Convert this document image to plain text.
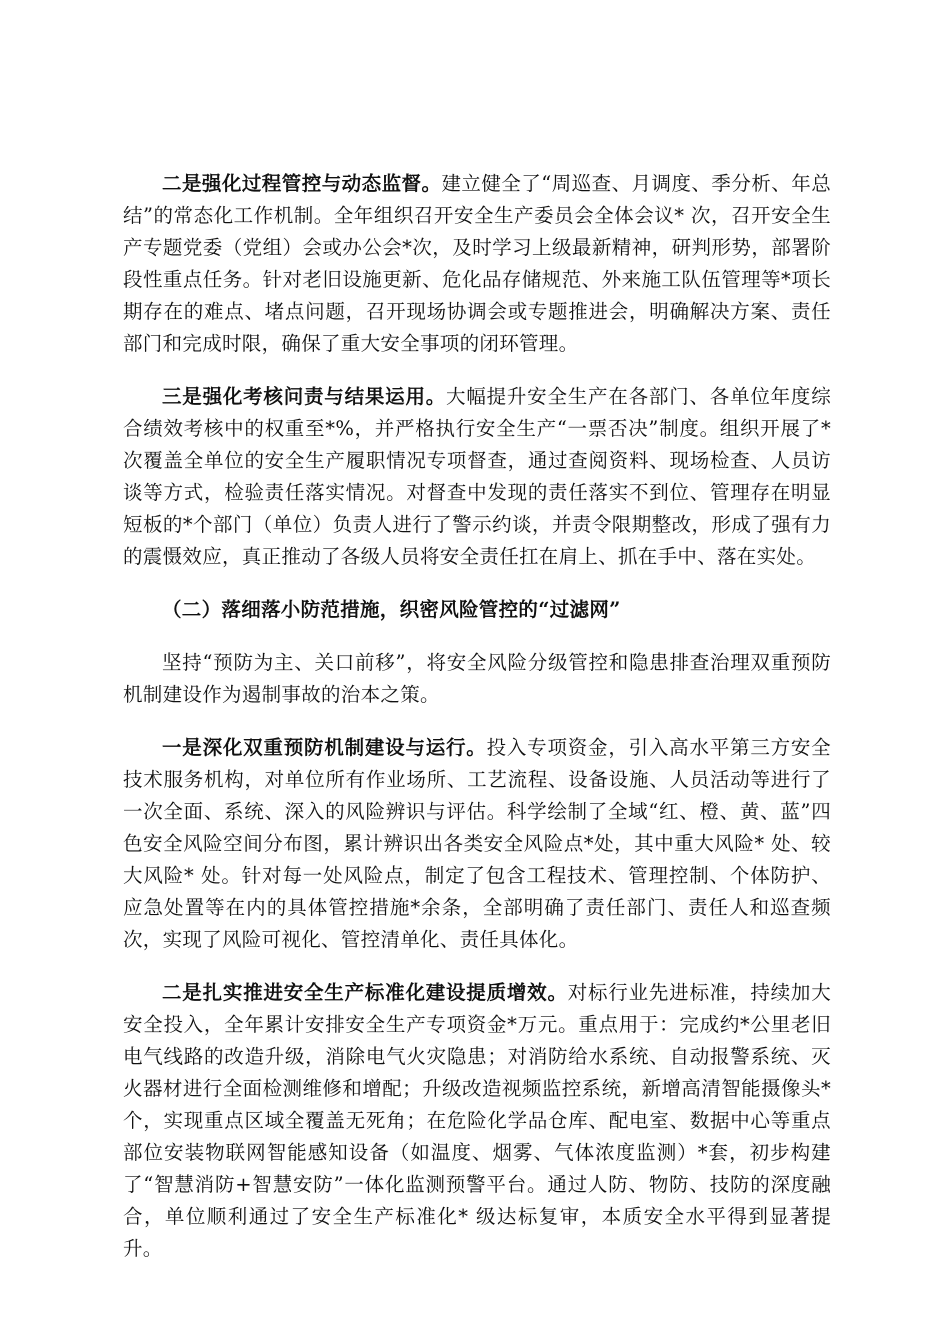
二是强化过程管控与动态监督。建立健全了“周巡查、月调度、季分析、年总结”的常态化工作机制。全年组织召开安全生产委员会全体会议* 次，召开安全生产专题党委（党组）会或办公会*次，及时学习上级最新精神，研判形势，部署阶段性重点任务。针对老旧设施更新、危化品存储规范、外来施工队伍管理等*项长期存在的难点、堵点问题，召开现场协调会或专题推进会，明确解决方案、责任部门和完成时限，确保了重大安全事项的闭环管理。

三是强化考核问责与结果运用。大幅提升安全生产在各部门、各单位年度综合绩效考核中的权重至*%，并严格执行安全生产“一票否决”制度。组织开展了* 次覆盖全单位的安全生产履职情况专项督查，通过查阅资料、现场检查、人员访谈等方式，检验责任落实情况。对督查中发现的责任落实不到位、管理存在明显短板的*个部门（单位）负责人进行了警示约谈，并责令限期整改，形成了强有力的震慑效应，真正推动了各级人员将安全责任扛在肩上、抓在手中、落在实处。

（二）落细落小防范措施，织密风险管控的“过滤网”

坚持“预防为主、关口前移”，将安全风险分级管控和隐患排查治理双重预防机制建设作为遏制事故的治本之策。

一是深化双重预防机制建设与运行。投入专项资金，引入高水平第三方安全技术服务机构，对单位所有作业场所、工艺流程、设备设施、人员活动等进行了一次全面、系统、深入的风险辨识与评估。科学绘制了全域“红、橙、黄、蓝”四色安全风险空间分布图，累计辨识出各类安全风险点*处，其中重大风险* 处、较大风险* 处。针对每一处风险点，制定了包含工程技术、管理控制、个体防护、应急处置等在内的具体管控措施*余条，全部明确了责任部门、责任人和巡查频次，实现了风险可视化、管控清单化、责任具体化。

二是扎实推进安全生产标准化建设提质增效。对标行业先进标准，持续加大安全投入，全年累计安排安全生产专项资金*万元。重点用于：完成约*公里老旧电气线路的改造升级，消除电气火灾隐患；对消防给水系统、自动报警系统、灭火器材进行全面检测维修和增配；升级改造视频监控系统，新增高清智能摄像头*个，实现重点区域全覆盖无死角；在危险化学品仓库、配电室、数据中心等重点部位安装物联网智能感知设备（如温度、烟雾、气体浓度监测）*套，初步构建了“智慧消防+智慧安防”一体化监测预警平台。通过人防、物防、技防的深度融合，单位顺利通过了安全生产标准化* 级达标复审，本质安全水平得到显著提升。
